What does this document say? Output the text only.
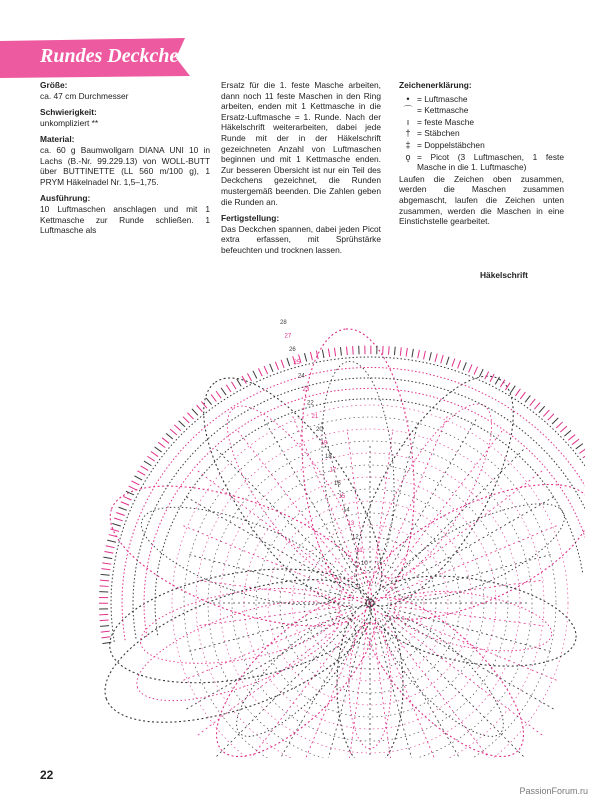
Rundes Deckchen

Größe:

ca. 47 cm Durchmesser

Schwierigkeit:

unkompliziert **

Material:

ca. 60 g Baumwollgarn DIANA UNI 10 in Lachs (B.-Nr. 99.229.13) von WOLL-BUTT über BUTTINETTE (LL 560 m/100 g), 1 PRYM Häkelnadel Nr. 1,5–1,75.

Ausführung:

10 Luftmaschen anschlagen und mit 1 Kettmasche zur Runde schließen. 1 Luftmasche als

Ersatz für die 1. feste Masche arbeiten, dann noch 11 feste Maschen in den Ring arbeiten, enden mit 1 Kettmasche in die Ersatz-Luftmasche = 1. Runde. Nach der Häkelschrift weiterarbeiten, dabei jede Runde mit der in der Häkelschrift gezeichneten Anzahl von Luftmaschen beginnen und mit 1 Kettmasche enden. Zur besseren Übersicht ist nur ein Teil des Deckchens gezeichnet, die Runden mustergemäß beenden. Die Zahlen geben die Runden an.

Fertigstellung:

Das Deckchen spannen, dabei jeden Picot extra erfassen, mit Sprühstärke befeuchten und trocknen lassen.

Zeichenerklärung:

• = Luftmasche
⌒ = Kettmasche
ı = feste Masche
† = Stäbchen
‡ = Doppelstäbchen
ǫ = Picot (3 Luftmaschen, 1 feste Masche in die 1. Luftmasche)

Laufen die Zeichen oben zusammen, werden die Maschen zusammen abgemascht, laufen die Zeichen unten zusammen, werden die Maschen in eine Einstichstelle gearbeitet.

Häkelschrift
28
27
26
25
24
23
22
21
20
19
18
17
16
15
14
13
12
11
10
22
PassionForum.ru
